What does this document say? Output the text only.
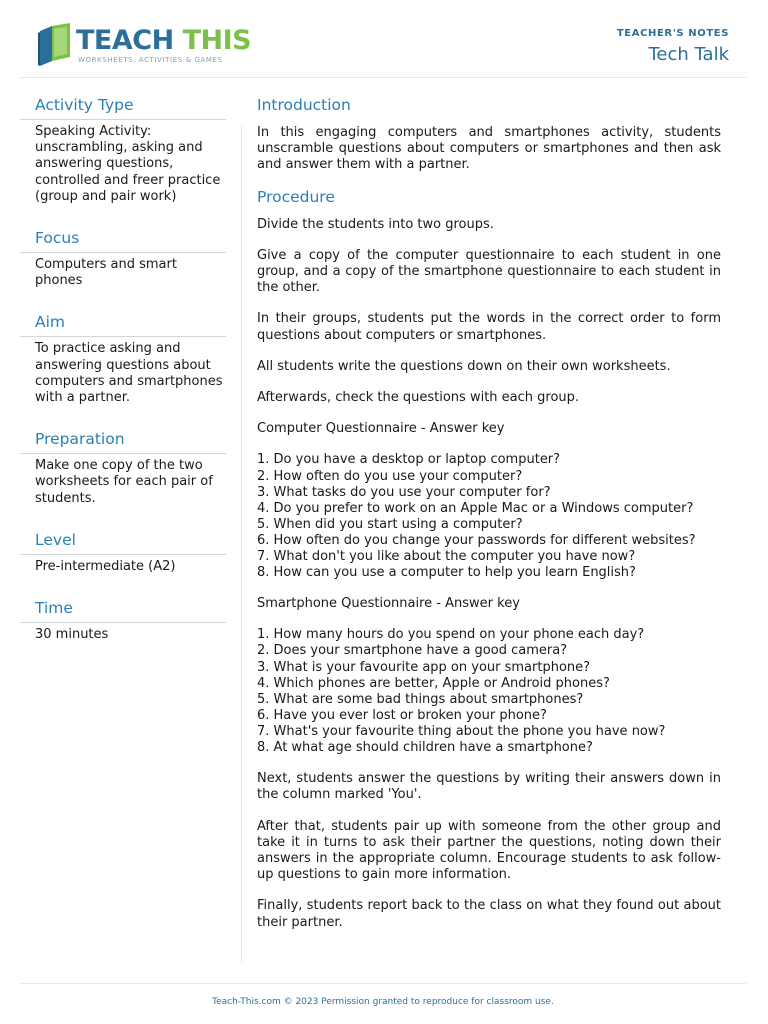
TEACH THIS
WORKSHEETS, ACTIVITIES & GAMES
TEACHER'S NOTES
Tech Talk
Activity Type
Speaking Activity: unscrambling, asking and answering questions, controlled and freer practice (group and pair work)
Focus
Computers and smart phones
Aim
To practice asking and answering questions about computers and smartphones with a partner.
Preparation
Make one copy of the two worksheets for each pair of students.
Level
Pre-intermediate (A2)
Time
30 minutes
Introduction

In this engaging computers and smartphones activity, students unscramble questions about computers or smartphones and then ask and answer them with a partner.

Procedure

Divide the students into two groups.

Give a copy of the computer questionnaire to each student in one group, and a copy of the smartphone questionnaire to each student in the other.

In their groups, students put the words in the correct order to form questions about computers or smartphones.

All students write the questions down on their own worksheets.

Afterwards, check the questions with each group.

Computer Questionnaire - Answer key

1. Do you have a desktop or laptop computer?
2. How often do you use your computer?
3. What tasks do you use your computer for?
4. Do you prefer to work on an Apple Mac or a Windows computer?
5. When did you start using a computer?
6. How often do you change your passwords for different websites?
7. What don't you like about the computer you have now?
8. How can you use a computer to help you learn English?

Smartphone Questionnaire - Answer key

1. How many hours do you spend on your phone each day?
2. Does your smartphone have a good camera?
3. What is your favourite app on your smartphone?
4. Which phones are better, Apple or Android phones?
5. What are some bad things about smartphones?
6. Have you ever lost or broken your phone?
7. What's your favourite thing about the phone you have now?
8. At what age should children have a smartphone?

Next, students answer the questions by writing their answers down in the column marked 'You'.

After that, students pair up with someone from the other group and take it in turns to ask their partner the questions, noting down their answers in the appropriate column. Encourage students to ask follow-up questions to gain more information.

Finally, students report back to the class on what they found out about their partner.

Teach-This.com © 2023 Permission granted to reproduce for classroom use.
